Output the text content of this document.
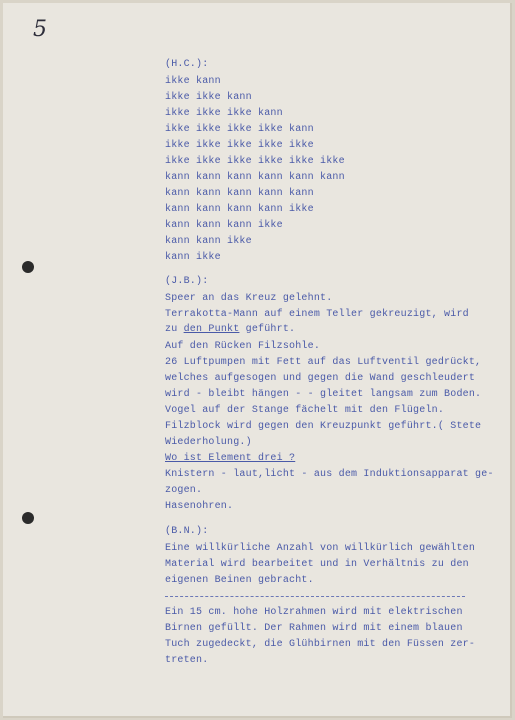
5
(H.C.):
ikke kann
ikke ikke kann
ikke ikke ikke kann
ikke ikke ikke ikke kann
ikke ikke ikke ikke ikke
ikke ikke ikke ikke ikke ikke
kann kann kann kann kann kann
kann kann kann kann kann
kann kann kann kann ikke
kann kann kann ikke
kann kann ikke
kann ikke
(J.B.):
Speer an das Kreuz gelehnt.
Terrakotta-Mann auf einem Teller gekreuzigt, wird
zu den Punkt geführt.
Auf den Rücken Filzsohle.
26 Luftpumpen mit Fett auf das Luftventil gedrückt,
welches aufgesogen und gegen die Wand geschleudert
wird - bleibt hängen - - gleitet langsam zum Boden.
Vogel auf der Stange fächelt mit den Flügeln.
Filzblock wird gegen den Kreuzpunkt geführt.( Stete
Wiederholung.)
Wo ist Element drei ?
Knistern - laut,licht - aus dem Induktionsapparat ge-
zogen.
Hasenohren.
(B.N.):
Eine willkürliche Anzahl von willkürlich gewählten
Material wird bearbeitet und in Verhältnis zu den
eigenen Beinen gebracht.
Ein 15 cm. hohe Holzrahmen wird mit elektrischen
Birnen gefüllt. Der Rahmen wird mit einem blauen
Tuch zugedeckt, die Glühbirnen mit den Füssen zer-
treten.
